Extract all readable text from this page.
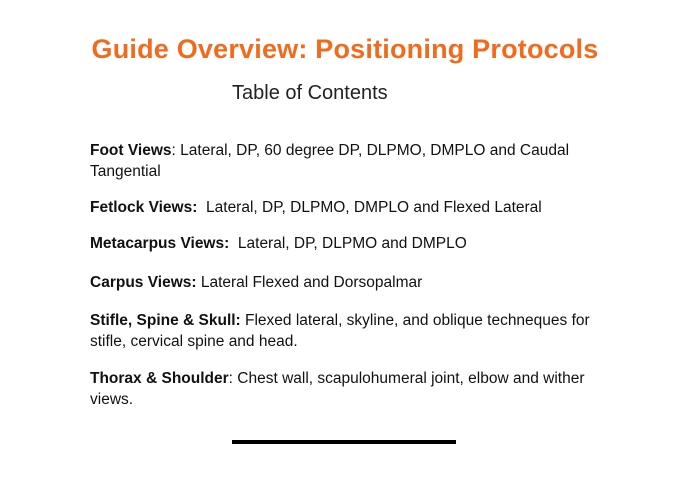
Guide Overview: Positioning Protocols
Table of Contents
Foot Views: Lateral, DP, 60 degree DP, DLPMO, DMPLO and Caudal Tangential
Fetlock Views:  Lateral, DP, DLPMO, DMPLO and Flexed Lateral
Metacarpus Views:  Lateral, DP, DLPMO and DMPLO
Carpus Views: Lateral Flexed and Dorsopalmar
Stifle, Spine & Skull: Flexed lateral, skyline, and oblique techneques for stifle, cervical spine and head.
Thorax & Shoulder: Chest wall, scapulohumeral joint, elbow and wither views.
